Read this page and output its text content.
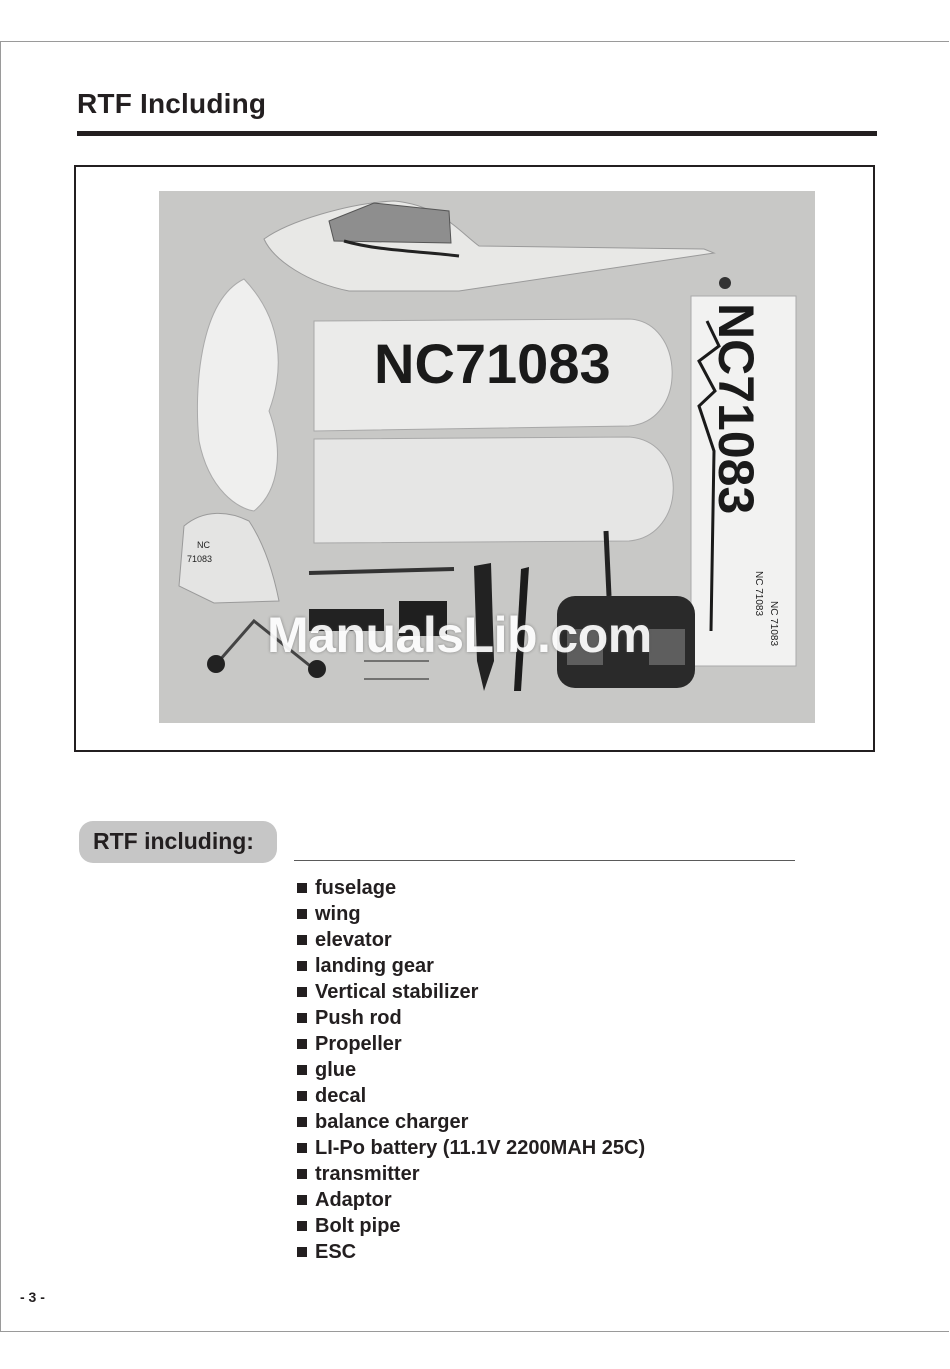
RTF Including
NC71083 NC71083
NC 71083
NC 71083
NC
71083
ManualsLib.com
RTF including:
fuselage
wing
elevator
landing gear
Vertical stabilizer
Push rod
Propeller
glue
decal
balance charger
LI-Po battery (11.1V 2200MAH 25C)
transmitter
Adaptor
Bolt pipe
ESC
- 3 -
